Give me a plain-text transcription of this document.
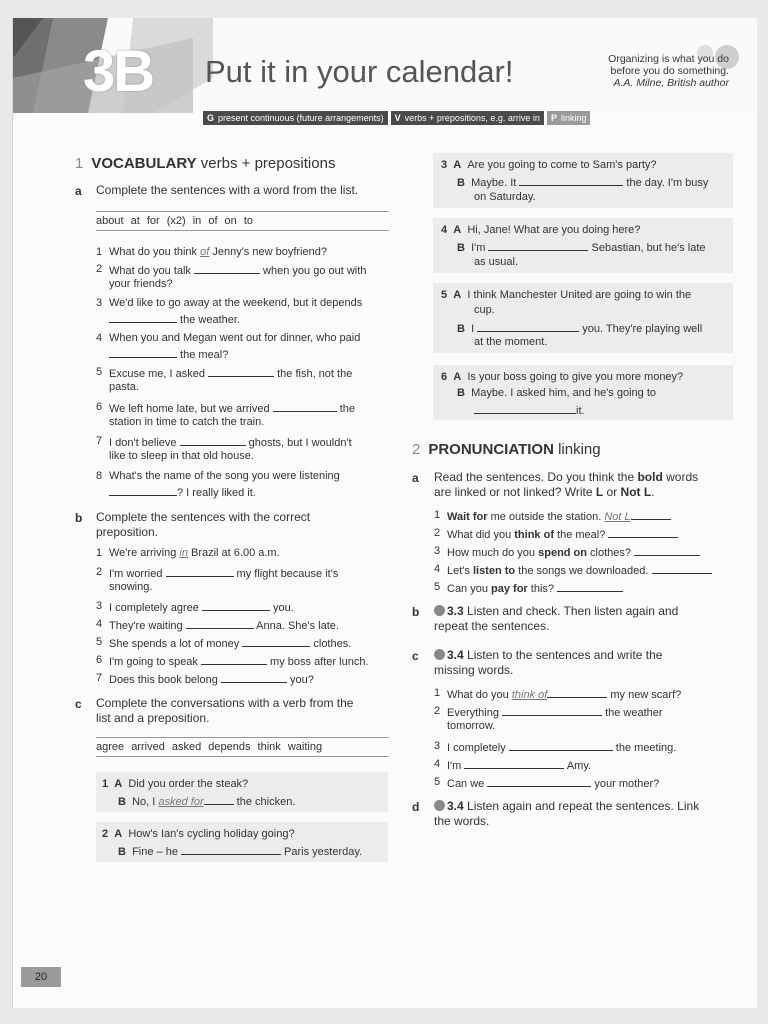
3B Put it in your calendar!	Organizing is what you do
before you do something.
A.A. Milne, British author
G present continuous (future arrangements)	V verbs + prepositions, e.g. arrive in	P linking
1 VOCABULARY verbs + prepositions
a Complete the sentences with a word from the list.
about at for (x2) in of on to
1 What do you think of Jenny's new boyfriend?
2 What do you talk	when you go out with
your friends?
3 We'd like to go away at the weekend, but it depends
the weather.
4 When you and Megan went out for dinner, who paid
the meal?
5 Excuse me, I asked	the fish, not the
pasta.
6 We left home late, but we arrived	the
station in time to catch the train.
7 I don't believe	ghosts, but I wouldn't
like to sleep in that old house.
8 What's the name of the song you were listening
? I really liked it.
b Complete the sentences with the correct
preposition.
1 We're arriving in Brazil at 6.00 a.m.
2 I'm worried	my flight because it's
snowing.
3 I completely agree	you.
4 They're waiting	Anna. She's late.
5 She spends a lot of money	clothes.
6 I'm going to speak	my boss after lunch.
7 Does this book belong	you?
c Complete the conversations with a verb from the
list and a preposition.
agree arrived asked depends think waiting
1 A Did you order the steak?
B No, I asked for	the chicken.
2 A How's Ian's cycling holiday going?
B Fine – he	Paris yesterday.
3 A Are you going to come to Sam's party?
B Maybe. It	the day. I'm busy
on Saturday.
4 A Hi, Jane! What are you doing here?
B I'm	Sebastian, but he's late
as usual.
5 A I think Manchester United are going to win the
cup.
B I	you. They're playing well
at the moment.
6 A Is your boss going to give you more money?
B Maybe. I asked him, and he's going to
it.
2 PRONUNCIATION linking
a Read the sentences. Do you think the bold words
are linked or not linked? Write L or Not L.
1 Wait for me outside the station. Not L
2 What did you think of the meal?
3 How much do you spend on clothes?
4 Let's listen to the songs we downloaded.
5 Can you pay for this?
b	3.3 Listen and check. Then listen again and
repeat the sentences.
c	3.4 Listen to the sentences and write the
missing words.
1 What do you think of	my new scarf?
2 Everything	the weather
tomorrow.
3 I completely	the meeting.
4 I'm	Amy.
5 Can we	your mother?
d	3.4 Listen again and repeat the sentences. Link
the words.
20
